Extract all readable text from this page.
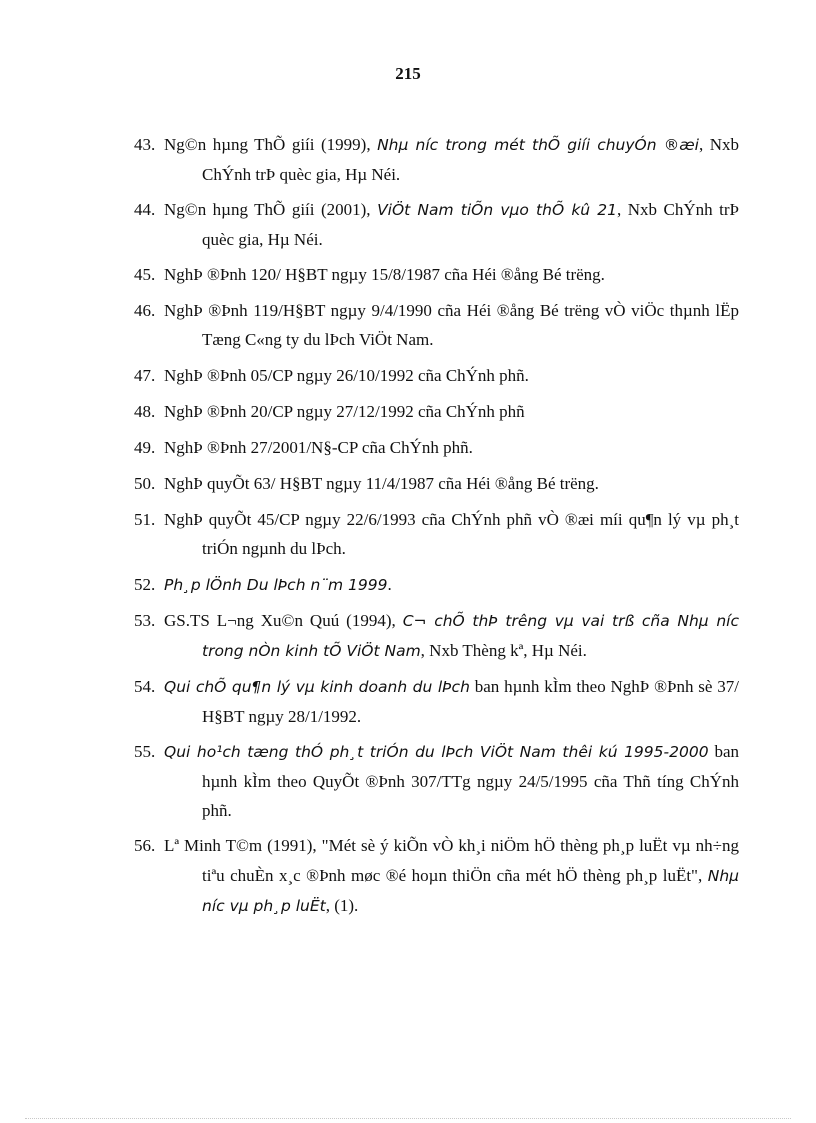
215
43. Ng©n hµng ThÕ giíi (1999), Nhµ níc trong mét thÕ giíi chuyÓn ®æi, Nxb ChÝnh trÞ quèc gia, Hµ Néi.
44. Ng©n hµng ThÕ giíi (2001), ViÖt Nam tiÕn vµo thÕ kû 21, Nxb ChÝnh trÞ quèc gia, Hµ Néi.
45. NghÞ ®Þnh 120/ H§BT ngµy 15/8/1987 cña Héi ®ång Bé trëng.
46. NghÞ ®Þnh 119/H§BT ngµy 9/4/1990 cña Héi ®ång Bé trëng vÒ viÖc thµnh lËp Tæng C«ng ty du lÞch ViÖt Nam.
47. NghÞ ®Þnh 05/CP ngµy 26/10/1992 cña ChÝnh phñ.
48. NghÞ ®Þnh 20/CP ngµy 27/12/1992 cña ChÝnh phñ
49. NghÞ ®Þnh 27/2001/N§-CP cña ChÝnh phñ.
50. NghÞ quyÕt 63/ H§BT ngµy 11/4/1987 cña Héi ®ång Bé trëng.
51. NghÞ quyÕt 45/CP ngµy 22/6/1993 cña ChÝnh phñ vÒ ®æi míi qu¶n lý vµ ph¸t triÓn ngµnh du lÞch.
52. Ph¸p lÖnh Du lÞch n¨m 1999.
53. GS.TS L¬ng Xu©n Quú (1994), C¬ chÕ thÞ trêng vµ vai trß cña Nhµ níc trong nÒn kinh tÕ ViÖt Nam, Nxb Thèng kª, Hµ Néi.
54. Qui chÕ qu¶n lý vµ kinh doanh du lÞch ban hµnh kÌm theo NghÞ ®Þnh sè 37/ H§BT ngµy 28/1/1992.
55. Qui ho¹ch tæng thÓ ph¸t triÓn du lÞch ViÖt Nam thêi kú 1995-2000 ban hµnh kÌm theo QuyÕt ®Þnh 307/TTg ngµy 24/5/1995 cña Thñ tíng ChÝnh phñ.
56. Lª Minh T©m (1991), "Mét sè ý kiÕn vÒ kh¸i niÖm hÖ thèng ph¸p luËt vµ nh÷ng tiªu chuÈn x¸c ®Þnh møc ®é hoµn thiÖn cña mét hÖ thèng ph¸p luËt", Nhµ níc vµ ph¸p luËt, (1).
